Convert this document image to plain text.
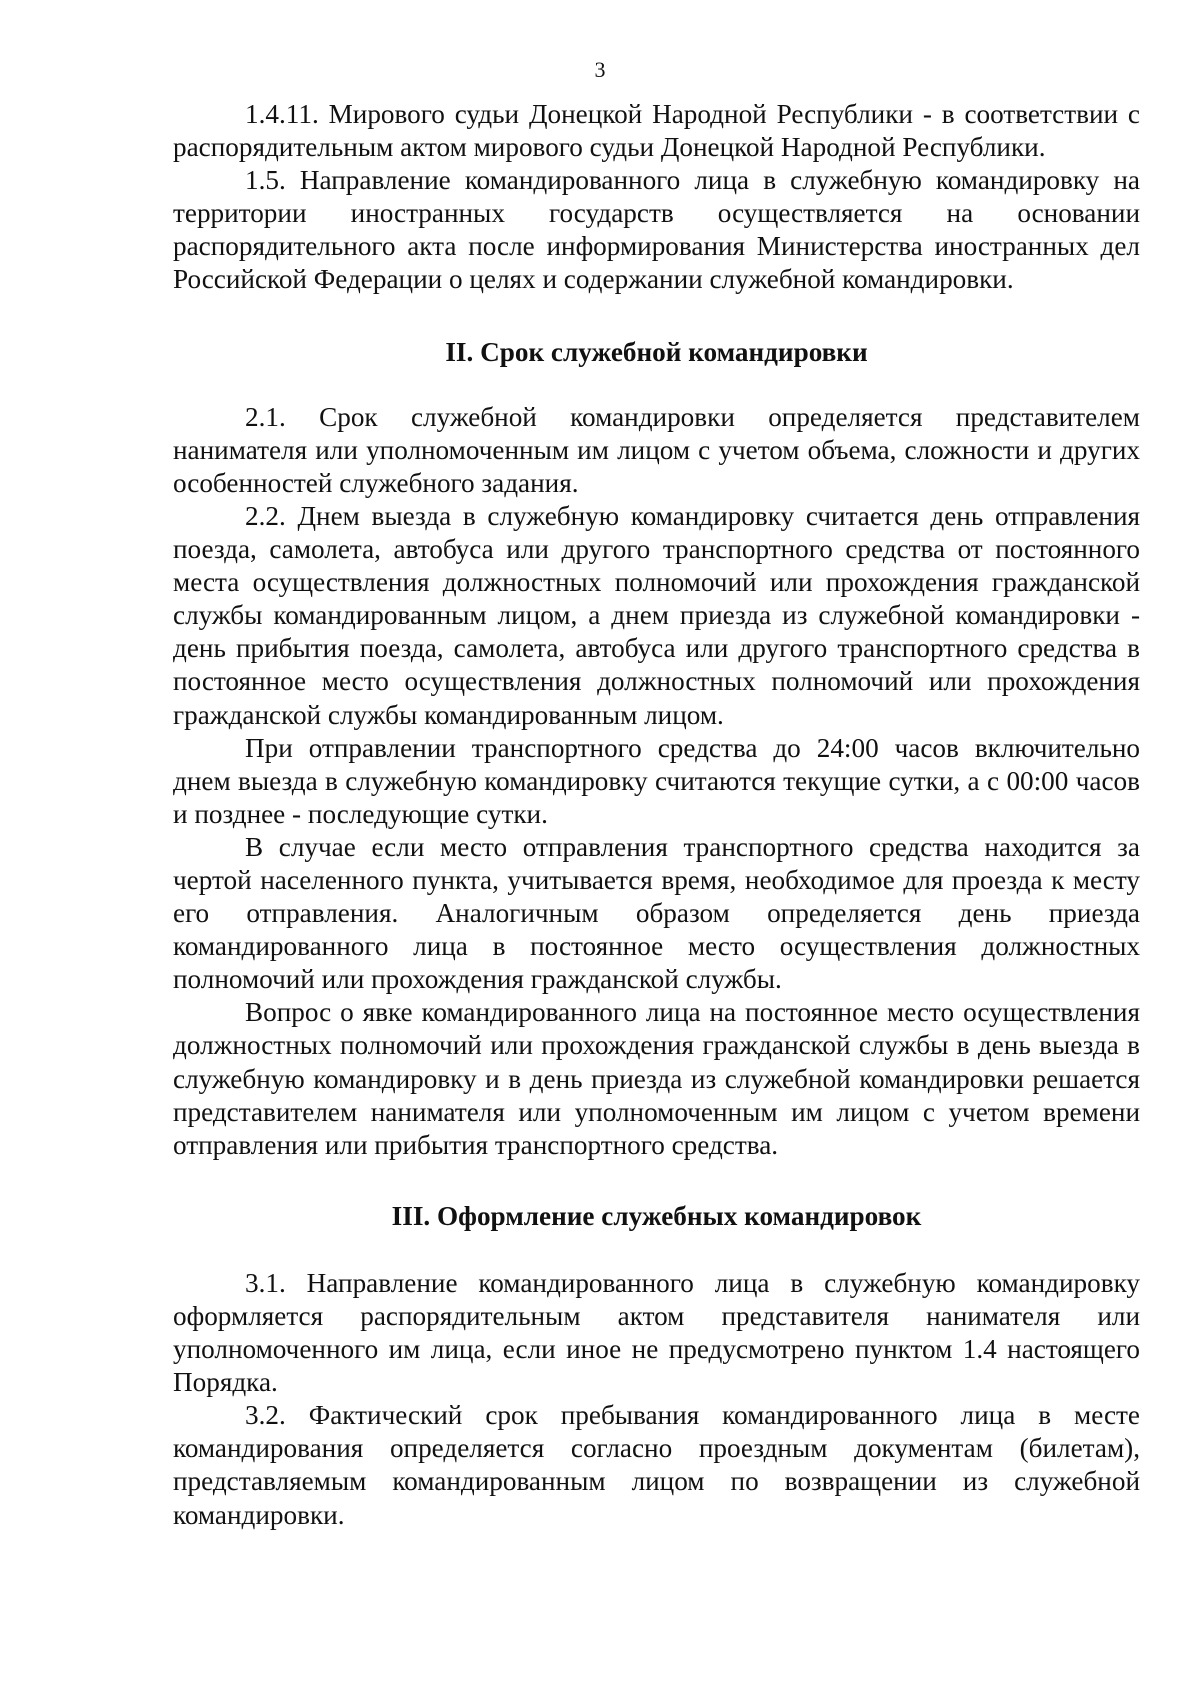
3

1.4.11. Мирового судьи Донецкой Народной Республики - в соответствии с распорядительным актом мирового судьи Донецкой Народной Республики.

1.5. Направление командированного лица в служебную командировку на территории иностранных государств осуществляется на основании распорядительного акта после информирования Министерства иностранных дел Российской Федерации о целях и содержании служебной командировки.

II. Срок служебной командировки

2.1. Срок служебной командировки определяется представителем нанимателя или уполномоченным им лицом с учетом объема, сложности и других особенностей служебного задания.

2.2. Днем выезда в служебную командировку считается день отправления поезда, самолета, автобуса или другого транспортного средства от постоянного места осуществления должностных полномочий или прохождения гражданской службы командированным лицом, а днем приезда из служебной командировки - день прибытия поезда, самолета, автобуса или другого транспортного средства в постоянное место осуществления должностных полномочий или прохождения гражданской службы командированным лицом.

При отправлении транспортного средства до 24:00 часов включительно днем выезда в служебную командировку считаются текущие сутки, а с 00:00 часов и позднее - последующие сутки.

В случае если место отправления транспортного средства находится за чертой населенного пункта, учитывается время, необходимое для проезда к месту его отправления. Аналогичным образом определяется день приезда командированного лица в постоянное место осуществления должностных полномочий или прохождения гражданской службы.

Вопрос о явке командированного лица на постоянное место осуществления должностных полномочий или прохождения гражданской службы в день выезда в служебную командировку и в день приезда из служебной командировки решается представителем нанимателя или уполномоченным им лицом с учетом времени отправления или прибытия транспортного средства.

III. Оформление служебных командировок

3.1. Направление командированного лица в служебную командировку оформляется распорядительным актом представителя нанимателя или уполномоченного им лица, если иное не предусмотрено пунктом 1.4 настоящего Порядка.

3.2. Фактический срок пребывания командированного лица в месте командирования определяется согласно проездным документам (билетам), представляемым командированным лицом по возвращении из служебной командировки.
